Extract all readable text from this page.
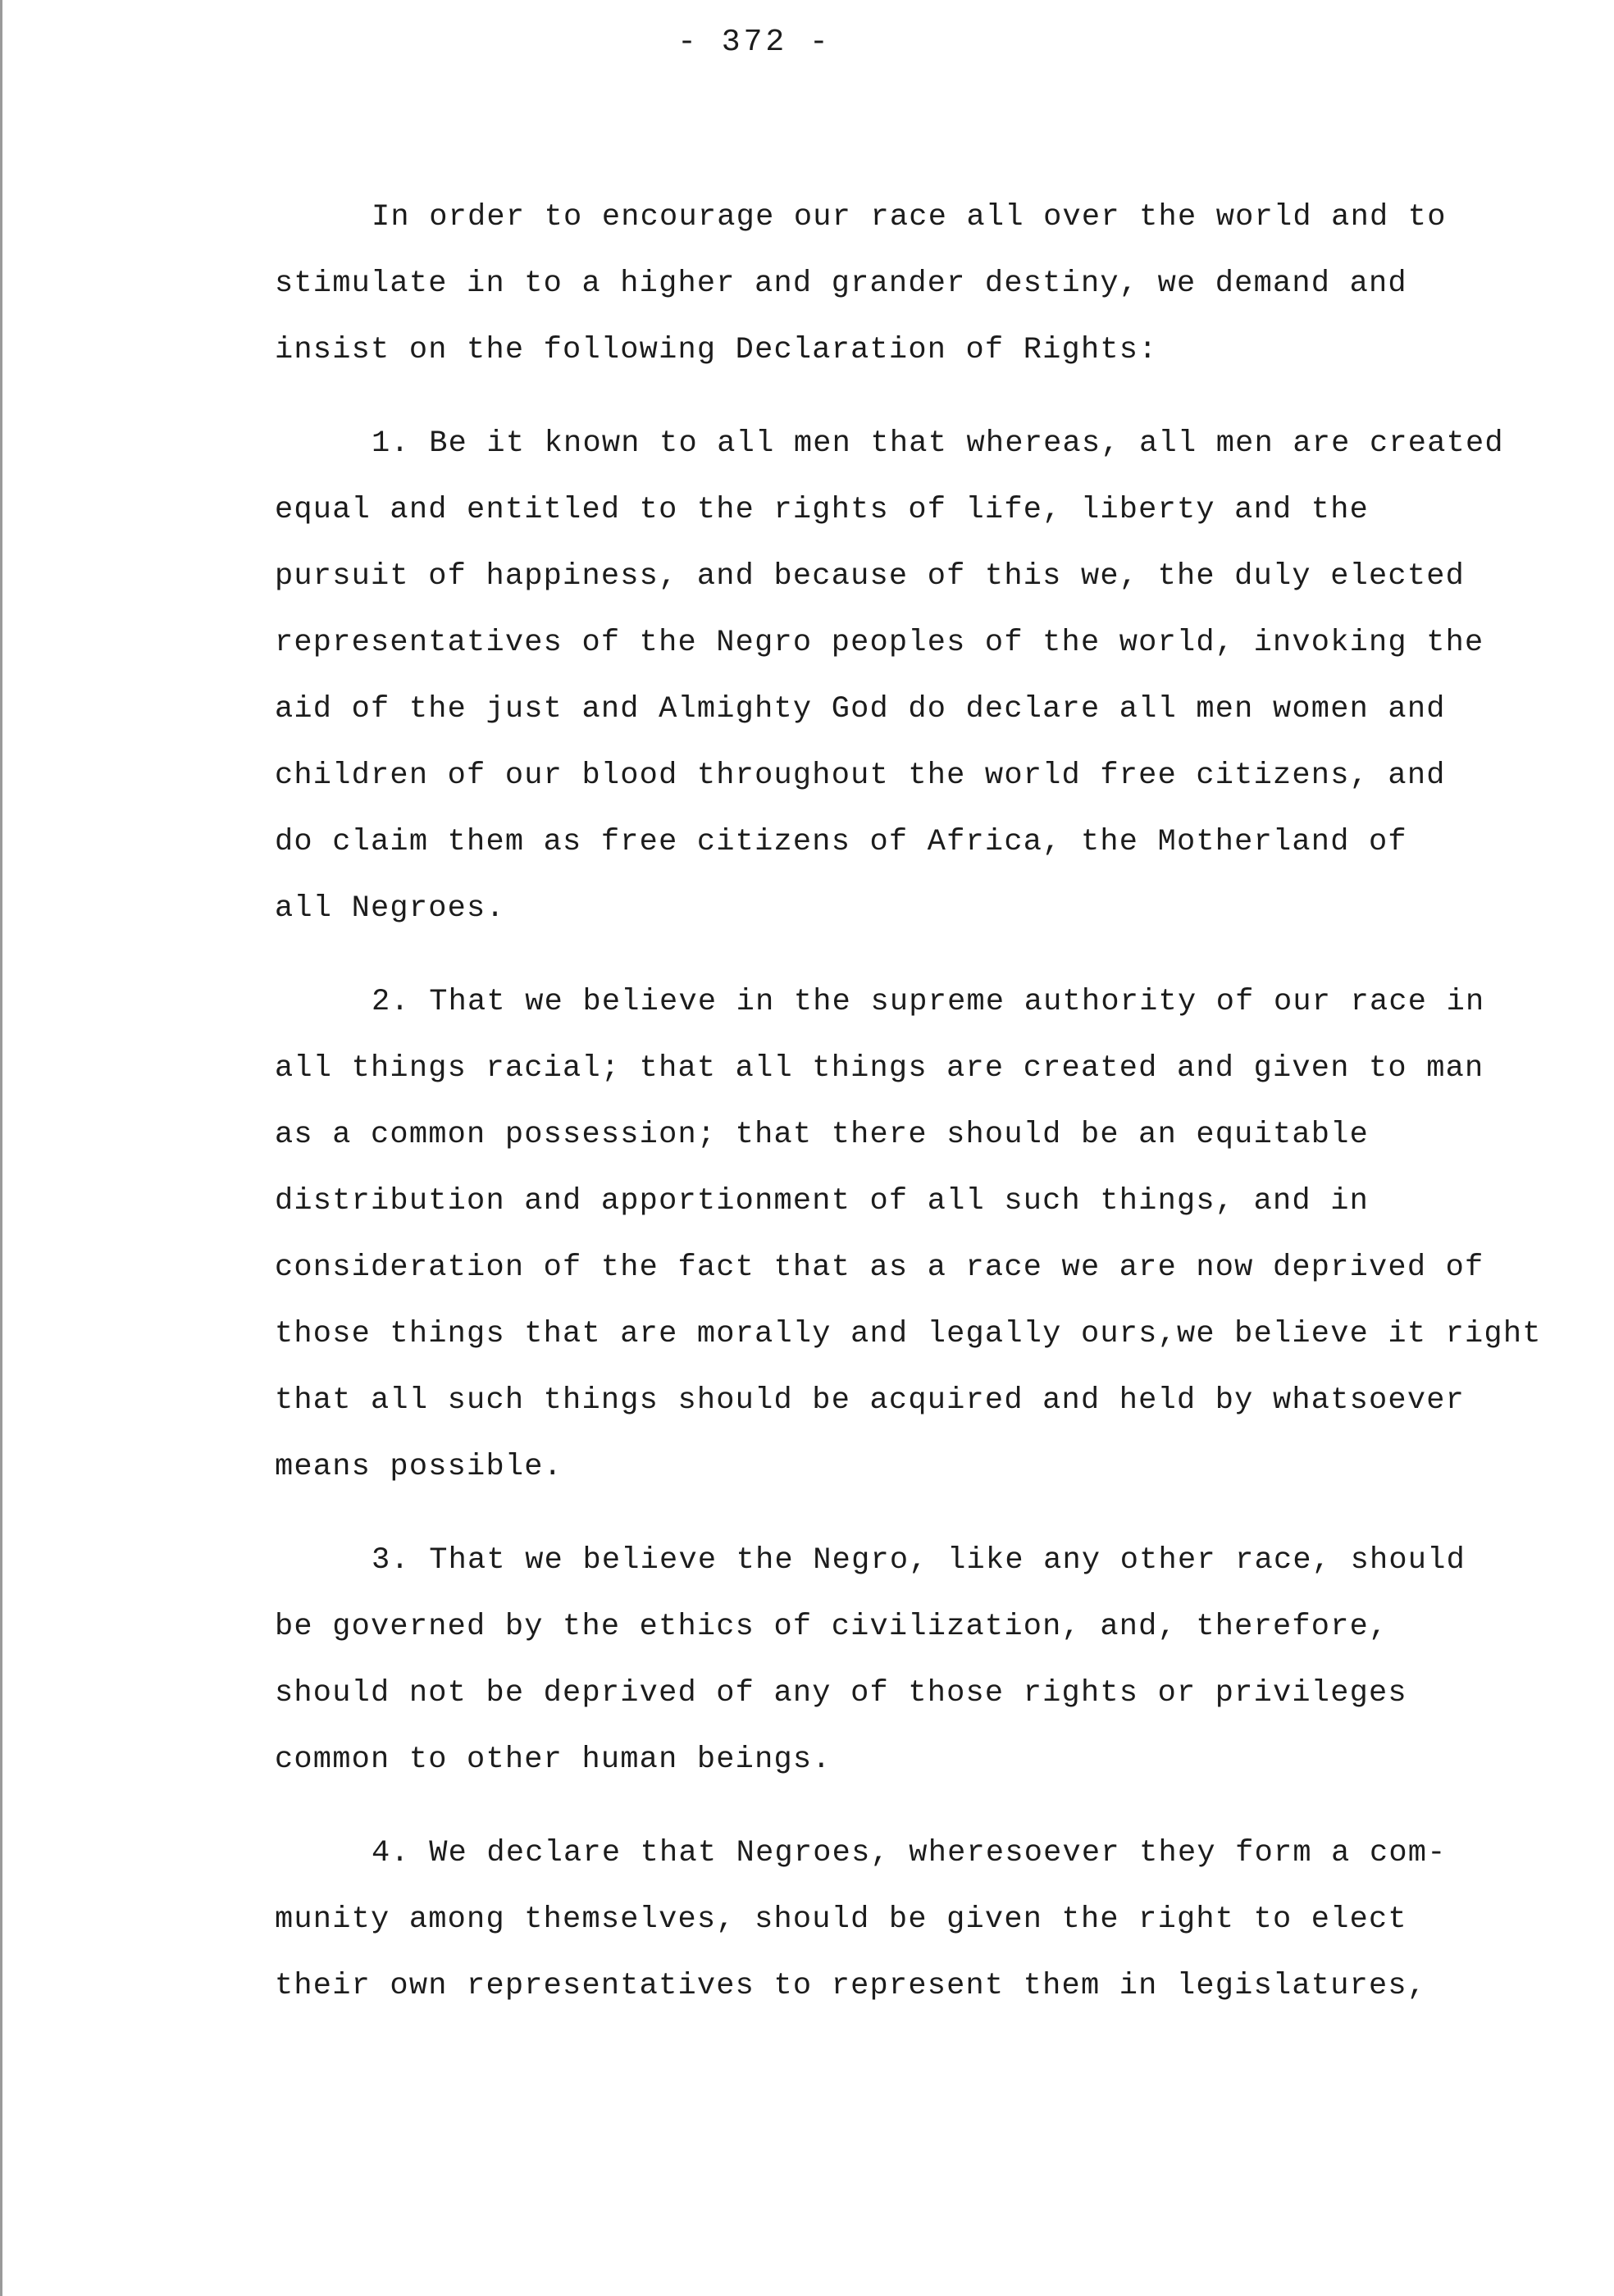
- 372 -
In order to encourage our race all over the world and to
stimulate in to a higher and grander destiny, we demand and
insist on the following Declaration of Rights:
1. Be it known to all men that whereas, all men are created
equal and entitled to the rights of life, liberty and the
pursuit of happiness, and because of this we, the duly elected
representatives of the Negro peoples of the world, invoking the
aid of the just and Almighty God do declare all men women and
children of our blood throughout the world free citizens, and
do claim them as free citizens of Africa, the Motherland of
all Negroes.
2. That we believe in the supreme authority of our race in
all things racial; that all things are created and given to man
as a common possession; that there should be an equitable
distribution and apportionment of all such things, and in
consideration of the fact that as a race we are now deprived of
those things that are morally and legally ours,we believe it right
that all such things should be acquired and held by whatsoever
means possible.
3. That we believe the Negro, like any other race, should
be governed by the ethics of civilization, and, therefore,
should not be deprived of any of those rights or privileges
common to other human beings.
4. We declare that Negroes, wheresoever they form a com-
munity among themselves, should be given the right to elect
their own representatives to represent them in legislatures,
